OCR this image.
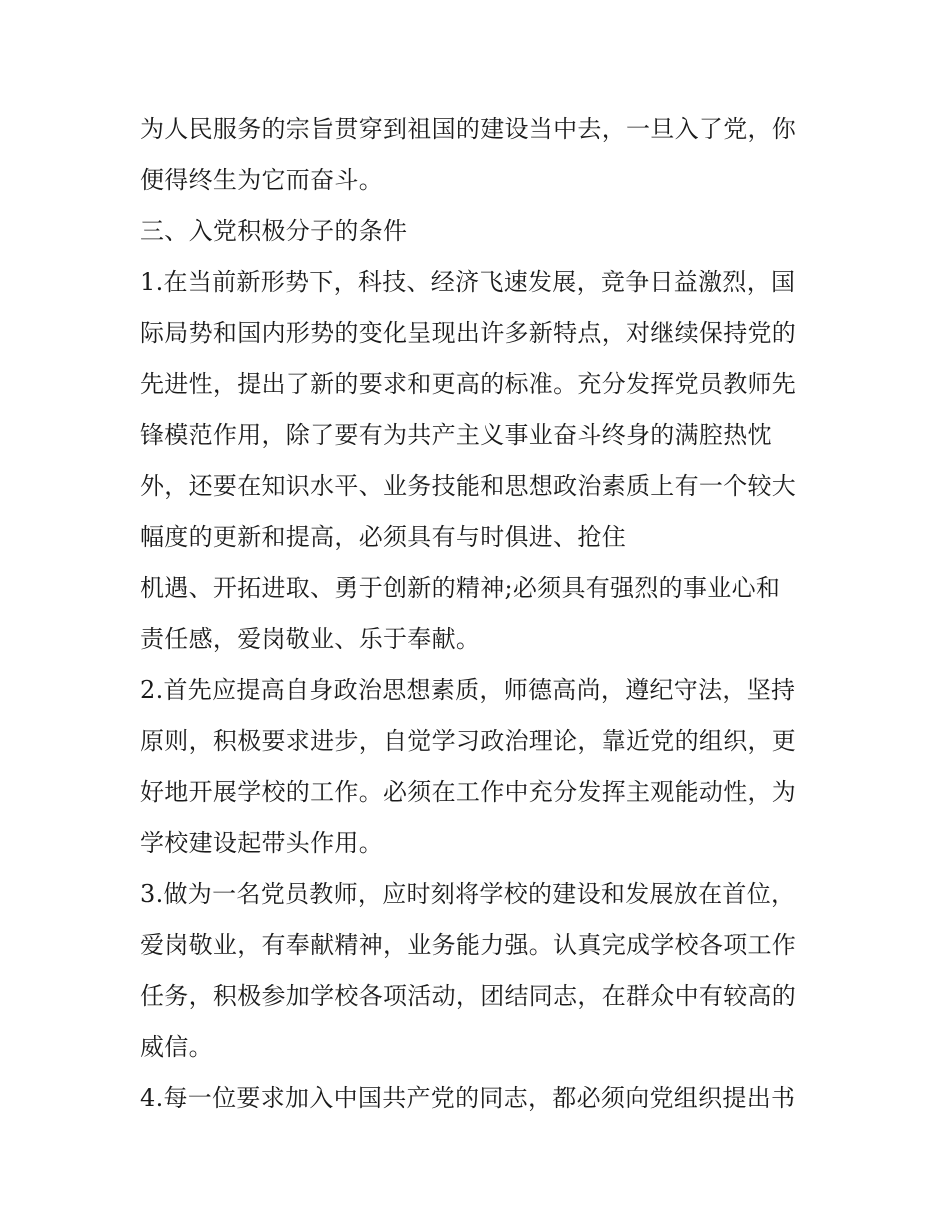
为人民服务的宗旨贯穿到祖国的建设当中去，一旦入了党，你
便得终生为它而奋斗。
三、入党积极分子的条件
1.在当前新形势下，科技、经济飞速发展，竞争日益激烈，国
际局势和国内形势的变化呈现出许多新特点，对继续保持党的
先进性，提出了新的要求和更高的标准。充分发挥党员教师先
锋模范作用，除了要有为共产主义事业奋斗终身的满腔热忱
外，还要在知识水平、业务技能和思想政治素质上有一个较大
幅度的更新和提高，必须具有与时俱进、抢住
机遇、开拓进取、勇于创新的精神;必须具有强烈的事业心和
责任感，爱岗敬业、乐于奉献。
2.首先应提高自身政治思想素质，师德高尚，遵纪守法，坚持
原则，积极要求进步，自觉学习政治理论，靠近党的组织，更
好地开展学校的工作。必须在工作中充分发挥主观能动性，为
学校建设起带头作用。
3.做为一名党员教师，应时刻将学校的建设和发展放在首位，
爱岗敬业，有奉献精神，业务能力强。认真完成学校各项工作
任务，积极参加学校各项活动，团结同志，在群众中有较高的
威信。
4.每一位要求加入中国共产党的同志，都必须向党组织提出书
